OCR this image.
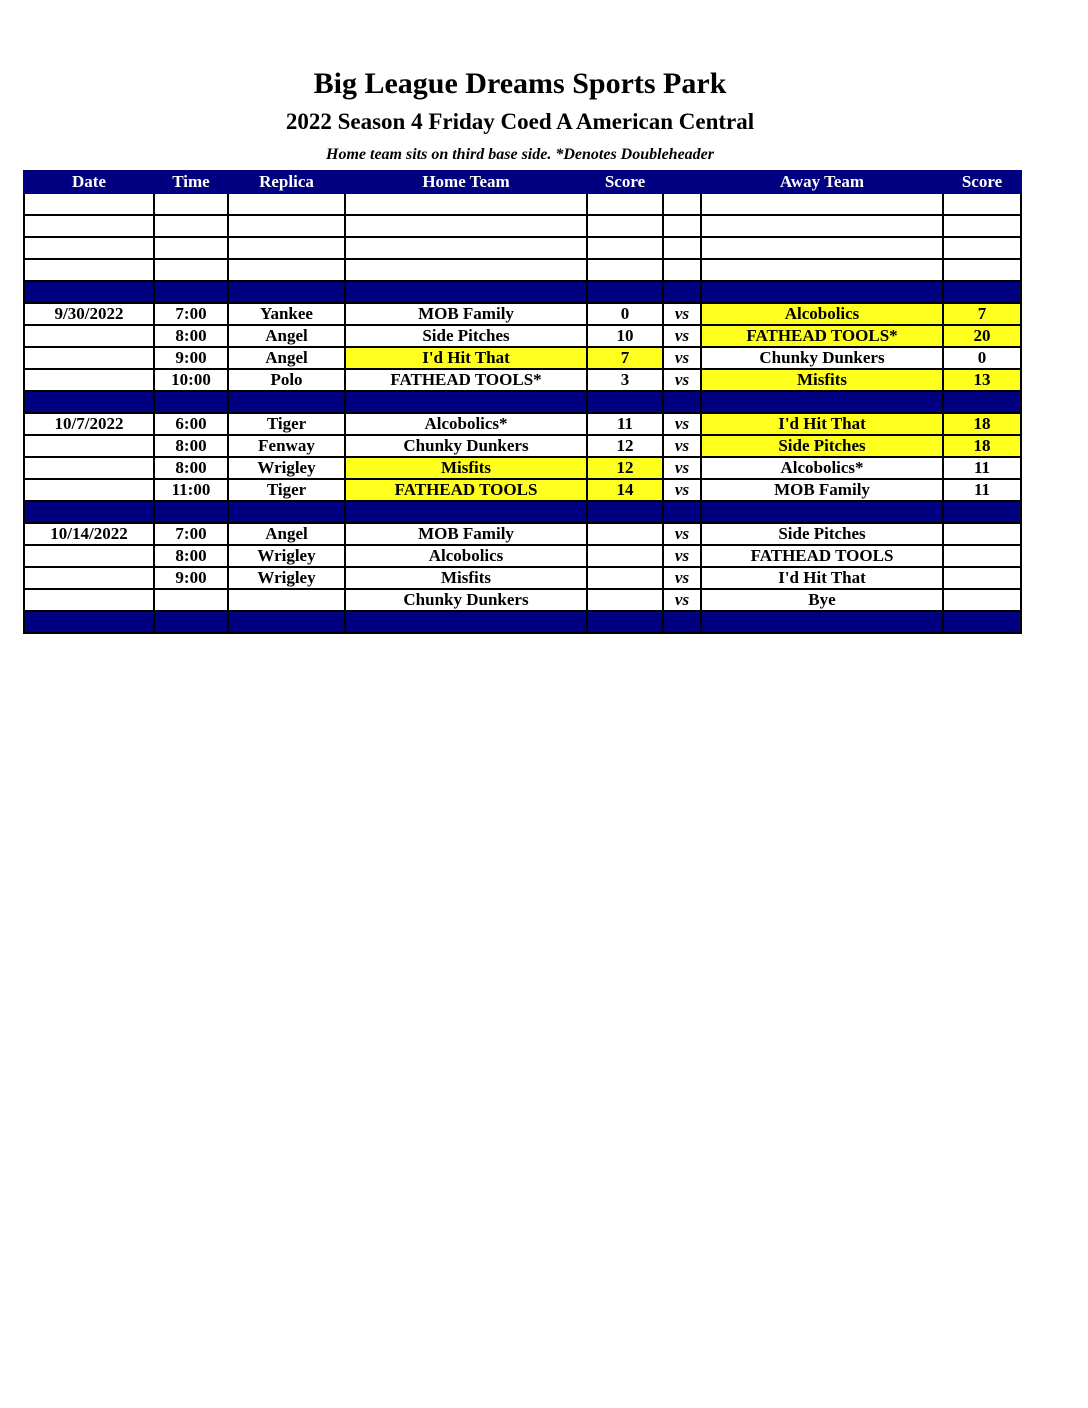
Big League Dreams Sports Park
2022 Season 4 Friday Coed A American Central
Home team sits on third base side. *Denotes Doubleheader
Date	Time	Replica	Home Team	Score		Away Team	Score

9/30/2022	7:00	Yankee	MOB Family	0	vs	Alcobolics	7
	8:00	Angel	Side Pitches	10	vs	FATHEAD TOOLS*	20
	9:00	Angel	I'd Hit That	7	vs	Chunky Dunkers	0
	10:00	Polo	FATHEAD TOOLS*	3	vs	Misfits	13

10/7/2022	6:00	Tiger	Alcobolics*	11	vs	I'd Hit That	18
	8:00	Fenway	Chunky Dunkers	12	vs	Side Pitches	18
	8:00	Wrigley	Misfits	12	vs	Alcobolics*	11
	11:00	Tiger	FATHEAD TOOLS	14	vs	MOB Family	11

10/14/2022	7:00	Angel	MOB Family		vs	Side Pitches	
	8:00	Wrigley	Alcobolics		vs	FATHEAD TOOLS	
	9:00	Wrigley	Misfits		vs	I'd Hit That	
			Chunky Dunkers		vs	Bye	
